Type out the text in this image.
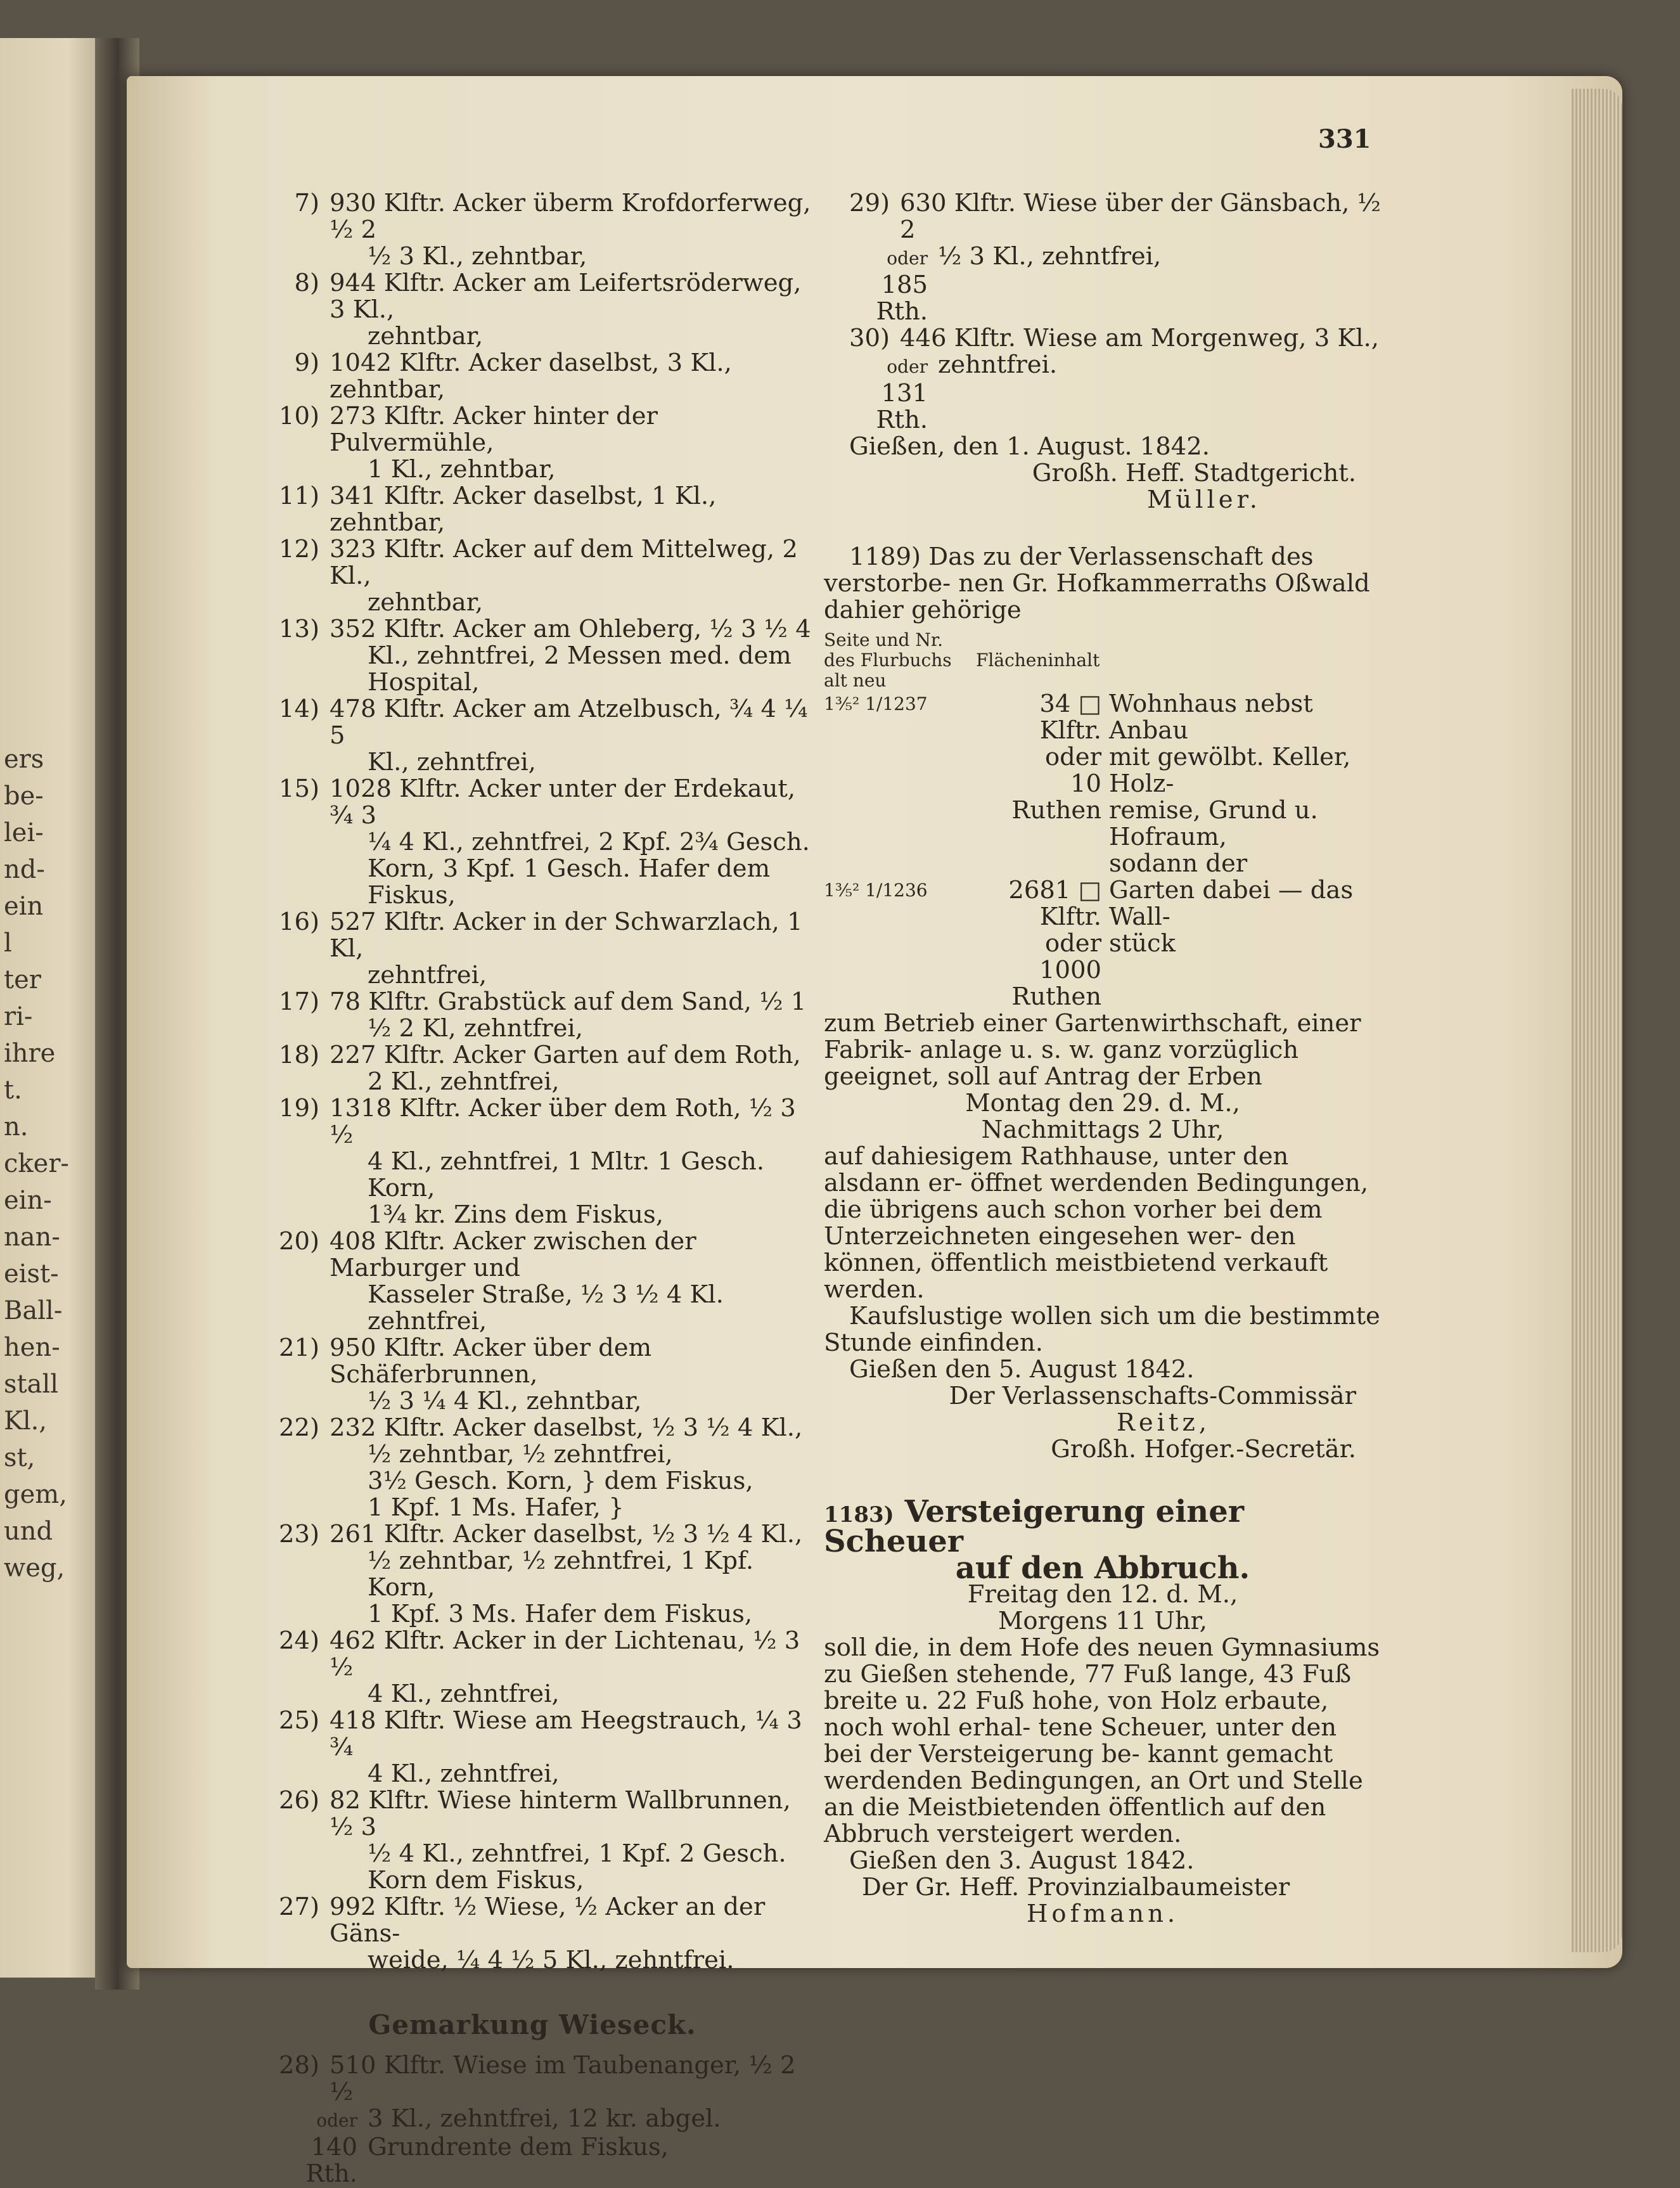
ers
be‑
lei‑
nd‑
ein
l
ter
ri‑
ihre
t.
n.
cker‑
ein‑
nan‑
eist‑
Ball‑
hen‑
stall
Kl.,
st,
gem,
und
weg,
331
7) 930 Klftr. Acker überm Krofdorferweg, ½ 2
½ 3 Kl., zehntbar,
8) 944 Klftr. Acker am Leifertsröderweg, 3 Kl.,
zehntbar,
9) 1042 Klftr. Acker daselbst, 3 Kl., zehntbar,
10) 273 Klftr. Acker hinter der Pulvermühle,
1 Kl., zehntbar,
11) 341 Klftr. Acker daselbst, 1 Kl., zehntbar,
12) 323 Klftr. Acker auf dem Mittelweg, 2 Kl.,
zehntbar,
13) 352 Klftr. Acker am Ohleberg, ½ 3 ½ 4
Kl., zehntfrei, 2 Messen med. dem
Hospital,
14) 478 Klftr. Acker am Atzelbusch, ¾ 4 ¼ 5
Kl., zehntfrei,
15) 1028 Klftr. Acker unter der Erdekaut, ¾ 3
¼ 4 Kl., zehntfrei, 2 Kpf. 2¾ Gesch.
Korn, 3 Kpf. 1 Gesch. Hafer dem
Fiskus,
16) 527 Klftr. Acker in der Schwarzlach, 1 Kl,
zehntfrei,
17) 78 Klftr. Grabstück auf dem Sand, ½ 1
½ 2 Kl, zehntfrei,
18) 227 Klftr. Acker Garten auf dem Roth,
2 Kl., zehntfrei,
19) 1318 Klftr. Acker über dem Roth, ½ 3 ½
4 Kl., zehntfrei, 1 Mltr. 1 Gesch. Korn,
1¾ kr. Zins dem Fiskus,
20) 408 Klftr. Acker zwischen der Marburger und
Kasseler Straße, ½ 3 ½ 4 Kl.
zehntfrei,
21) 950 Klftr. Acker über dem Schäferbrunnen,
½ 3 ¼ 4 Kl., zehntbar,
22) 232 Klftr. Acker daselbst, ½ 3 ½ 4 Kl.,
½ zehntbar, ½ zehntfrei,
3½ Gesch. Korn, } dem Fiskus,
1 Kpf. 1 Ms. Hafer, }
23) 261 Klftr. Acker daselbst, ½ 3 ½ 4 Kl.,
½ zehntbar, ½ zehntfrei, 1 Kpf. Korn,
1 Kpf. 3 Ms. Hafer dem Fiskus,
24) 462 Klftr. Acker in der Lichtenau, ½ 3 ½
4 Kl., zehntfrei,
25) 418 Klftr. Wiese am Heegstrauch, ¼ 3 ¾
4 Kl., zehntfrei,
26) 82 Klftr. Wiese hinterm Wallbrunnen, ½ 3
½ 4 Kl., zehntfrei, 1 Kpf. 2 Gesch.
Korn dem Fiskus,
27) 992 Klftr. ½ Wiese, ½ Acker an der Gäns‑
weide, ¼ 4 ½ 5 Kl., zehntfrei.
Gemarkung Wieseck.
28) 510 Klftr. Wiese im Taubenanger, ½ 2 ½
oder 3 Kl., zehntfrei, 12 kr. abgel.
140 Rth.
Grundrente dem Fiskus,
29) 630 Klftr. Wiese über der Gänsbach, ½ 2
oder ½ 3 Kl., zehntfrei,
185 Rth.
30) 446 Klftr. Wiese am Morgenweg, 3 Kl.,
oder zehntfrei.
131 Rth.
Gießen, den 1. August. 1842.
Großh. Heff. Stadtgericht.
Müller.
1189) Das zu der Verlassenschaft des verstorbe‑ nen Gr. Hofkammerraths Oßwald dahier gehörige
Seite und Nr.
des Flurbuchs
alt neu
Flächeninhalt
1⅗² 1/1237	34 □ Klftr.
oder
10 Ruthen
Wohnhaus nebst Anbau
mit gewölbt. Keller, Holz‑
remise, Grund u. Hofraum,
sodann der
1⅗² 1/1236	2681 □ Klftr.
oder
1000 Ruthen
Garten dabei — das Wall‑
stück
zum Betrieb einer Gartenwirthschaft, einer Fabrik‑ anlage u. s. w. ganz vorzüglich geeignet, soll auf Antrag der Erben
Montag den 29. d. M.,
Nachmittags 2 Uhr,
auf dahiesigem Rathhause, unter den alsdann er‑ öffnet werdenden Bedingungen, die übrigens auch schon vorher bei dem Unterzeichneten eingesehen wer‑ den können, öffentlich meistbietend verkauft werden.
Kaufslustige wollen sich um die bestimmte Stunde einfinden.
Gießen den 5. August 1842.
Der Verlassenschafts‑Commissär
Reitz,
Großh. Hofger.‑Secretär.
1183) Versteigerung einer Scheuer
auf den Abbruch.
Freitag den 12. d. M.,
Morgens 11 Uhr,
soll die, in dem Hofe des neuen Gymnasiums zu Gießen stehende, 77 Fuß lange, 43 Fuß breite u. 22 Fuß hohe, von Holz erbaute, noch wohl erhal‑ tene Scheuer, unter den bei der Versteigerung be‑ kannt gemacht werdenden Bedingungen, an Ort und Stelle an die Meistbietenden öffentlich auf den Abbruch versteigert werden.
Gießen den 3. August 1842.
Der Gr. Heff. Provinzialbaumeister
Hofmann.
